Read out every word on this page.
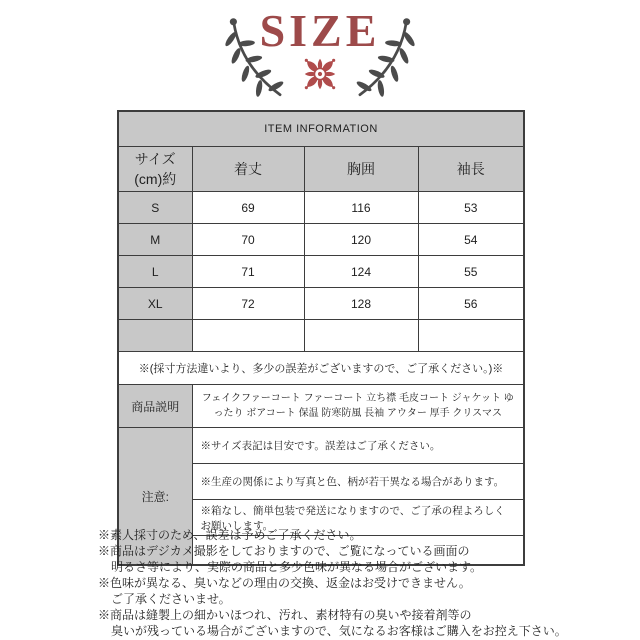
SIZE
ITEM INFORMATION			
サイズ(cm)約	着丈	胸囲	袖長
S	69	116	53
M	70	120	54
L	71	124	55
XL	72	128	56

※(採寸方法違いより、多少の誤差がございますので、ご了承ください。)※			
商品説明	フェイクファーコート ファーコート 立ち襟 毛皮コート ジャケット ゆったり ボアコート 保温 防寒防風 長袖 アウター 厚手 クリスマス		
注意:	※サイズ表記は目安です。誤差はご了承ください。		
	※生産の関係により写真と色、柄が若干異なる場合があります。		
	※箱なし、簡単包装で発送になりますので、ご了承の程よろしくお願いします。		

※素人採寸のため、誤差は予めご了承ください。
※商品はデジカメ撮影をしておりますので、ご覧になっている画面の
明るさ等により、実際の商品と多少色味が異なる場合がございます。
※色味が異なる、臭いなどの理由の交換、返金はお受けできません。
ご了承くださいませ。
※商品は縫製上の細かいほつれ、汚れ、素材特有の臭いや接着剤等の
臭いが残っている場合がございますので、気になるお客様はご購入をお控え下さい。
